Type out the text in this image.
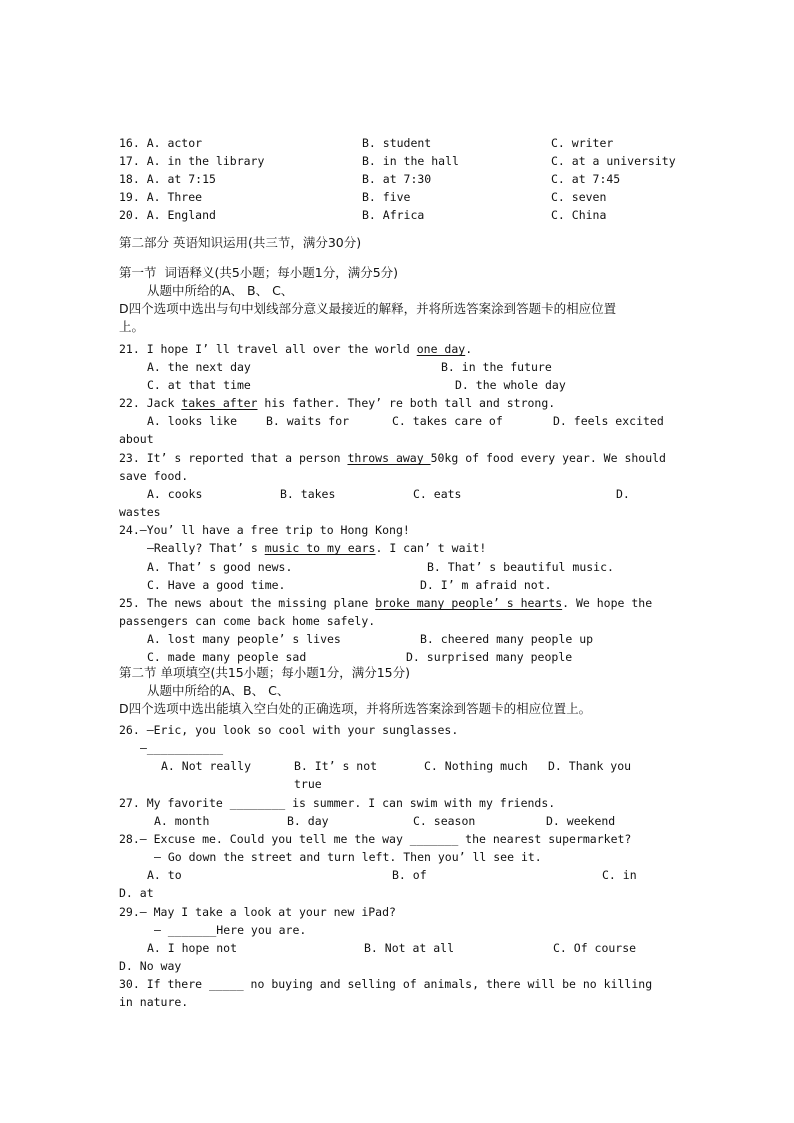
16. A. actor	B. student	C. writer
17. A. in the library	B. in the hall	C. at a university
18. A. at 7:15	B. at 7:30	C. at 7:45
19. A. Three	B. five	C. seven
20. A. England	B. Africa	C. China
第二部分 英语知识运用(共三节，满分30分)
第一节  词语释义(共5小题；每小题1分，满分5分)
从题中所给的A、 B、 C、
D四个选项中选出与句中划线部分意义最接近的解释，并将所选答案涂到答题卡的相应位置
上。
21. I hope I’ ll travel all over the world one day.
A. the next day	B. in the future
C. at that time	D. the whole day
22. Jack takes after his father. They’ re both tall and strong.
A. looks like	B. waits for	C. takes care of	D. feels excited
about
23. It’ s reported that a person throws away 50kg of food every year. We should
save food.
A. cooks	B. takes	C. eats	D.
wastes
24.—You’ ll have a free trip to Hong Kong!
—Really? That’ s music to my ears. I can’ t wait!
A. That’ s good news.	B. That’ s beautiful music.
C. Have a good time.	D. I’ m afraid not.
25. The news about the missing plane broke many people’ s hearts. We hope the
passengers can come back home safely.
A. lost many people’ s lives	B. cheered many people up
C. made many people sad	D. surprised many people
第二节 单项填空(共15小题；每小题1分，满分15分)
从题中所给的A、B、 C、
D四个选项中选出能填入空白处的正确选项，并将所选答案涂到答题卡的相应位置上。
26. —Eric, you look so cool with your sunglasses.
—___________
A. Not really	B. It’ s not
true
C. Nothing much D. Thank you
27. My favorite ________ is summer. I can swim with my friends.
A. month	B. day	C. season	D. weekend
28.— Excuse me. Could you tell me the way _______ the nearest supermarket?
— Go down the street and turn left. Then you’ ll see it.
A. to	B. of	C. in
D. at
29.— May I take a look at your new iPad?
— _______Here you are.
A. I hope not	B. Not at all	C. Of course
D. No way
30. If there _____ no buying and selling of animals, there will be no killing
in nature.
